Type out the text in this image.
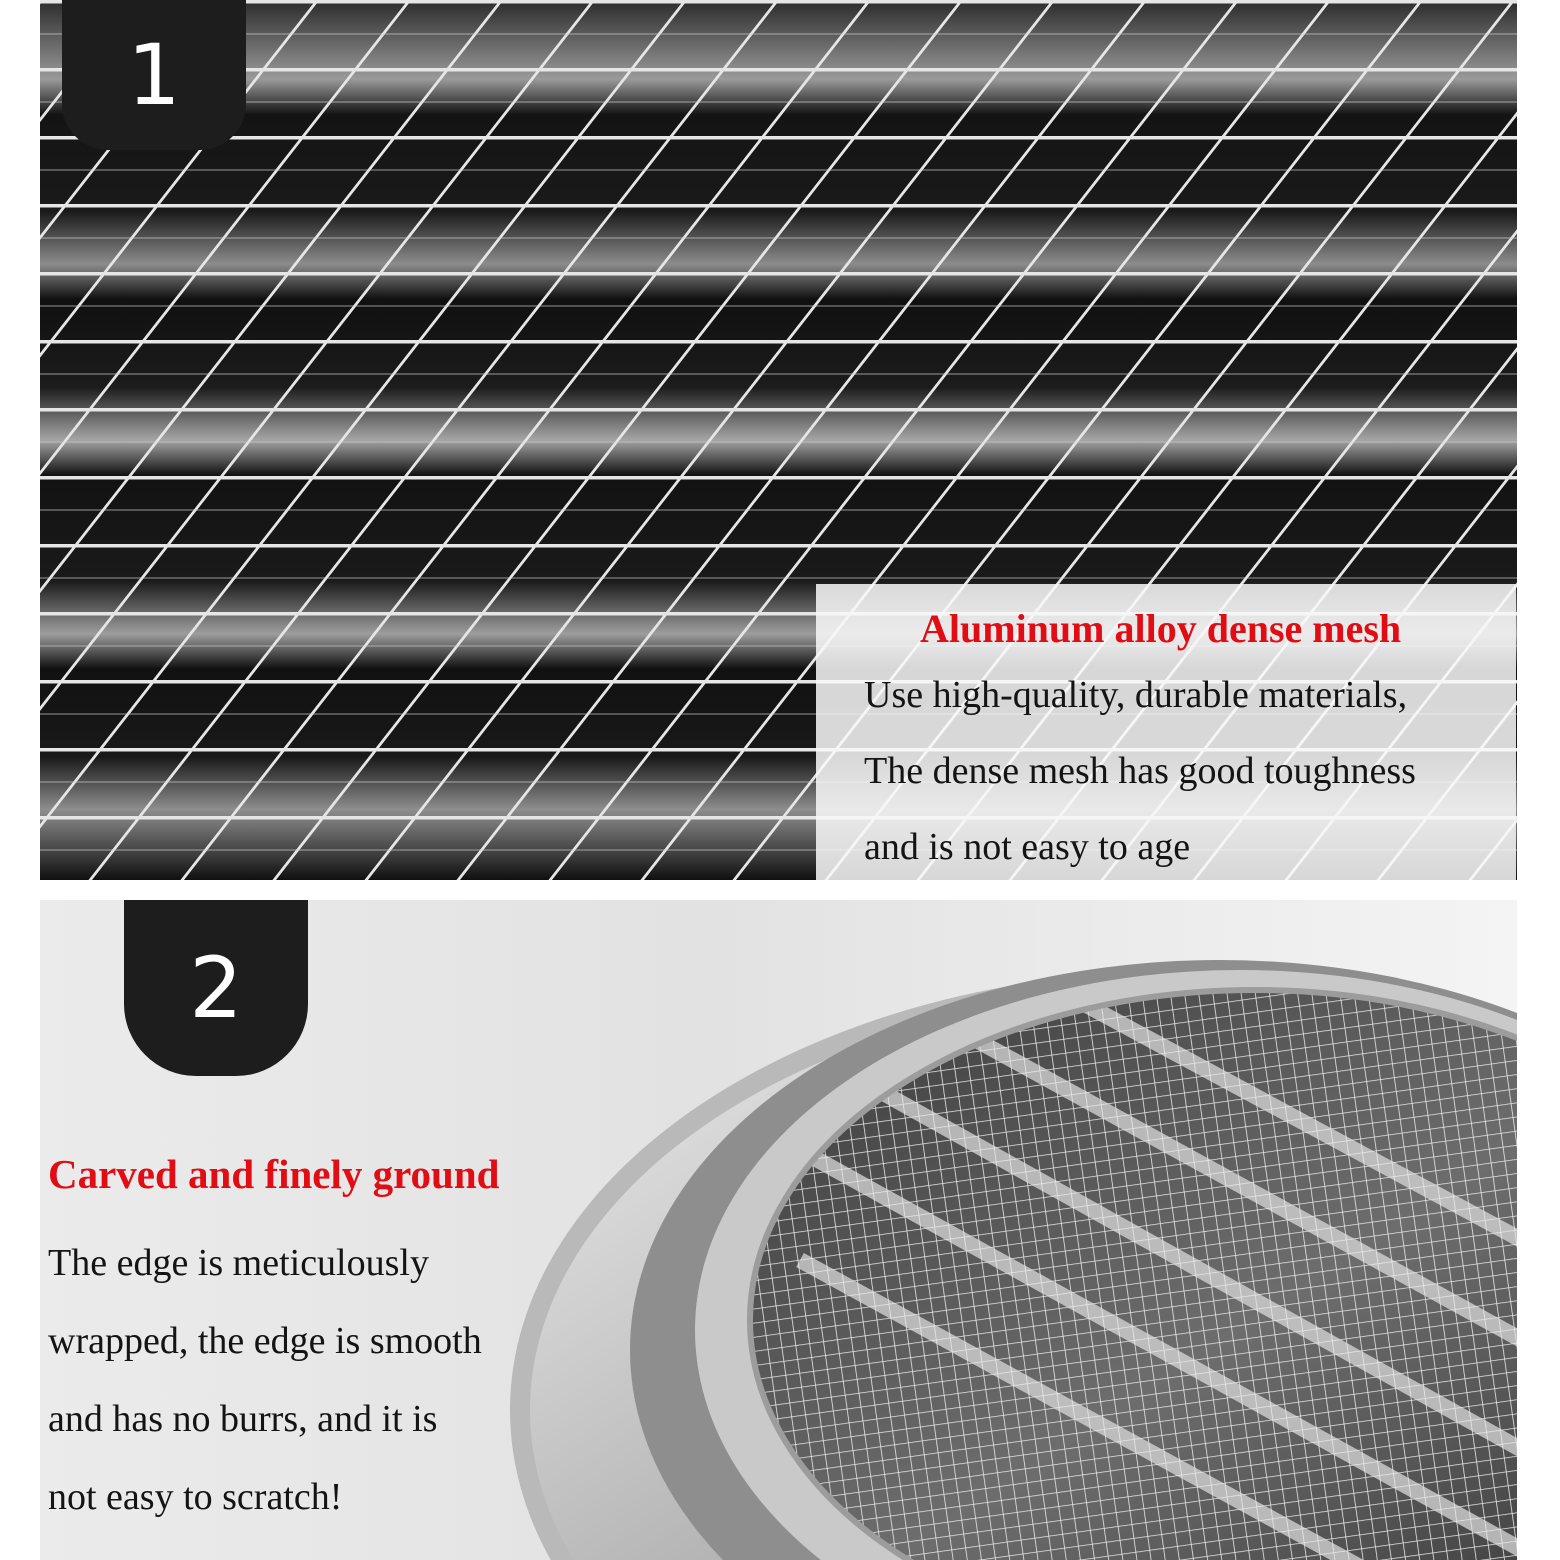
1
Aluminum alloy dense mesh
Use high-quality, durable materials,
The dense mesh has good toughness
and is not easy to age
2
Carved and finely ground
The edge is meticulously
wrapped, the edge is smooth
and has no burrs, and it is
not easy to scratch!
